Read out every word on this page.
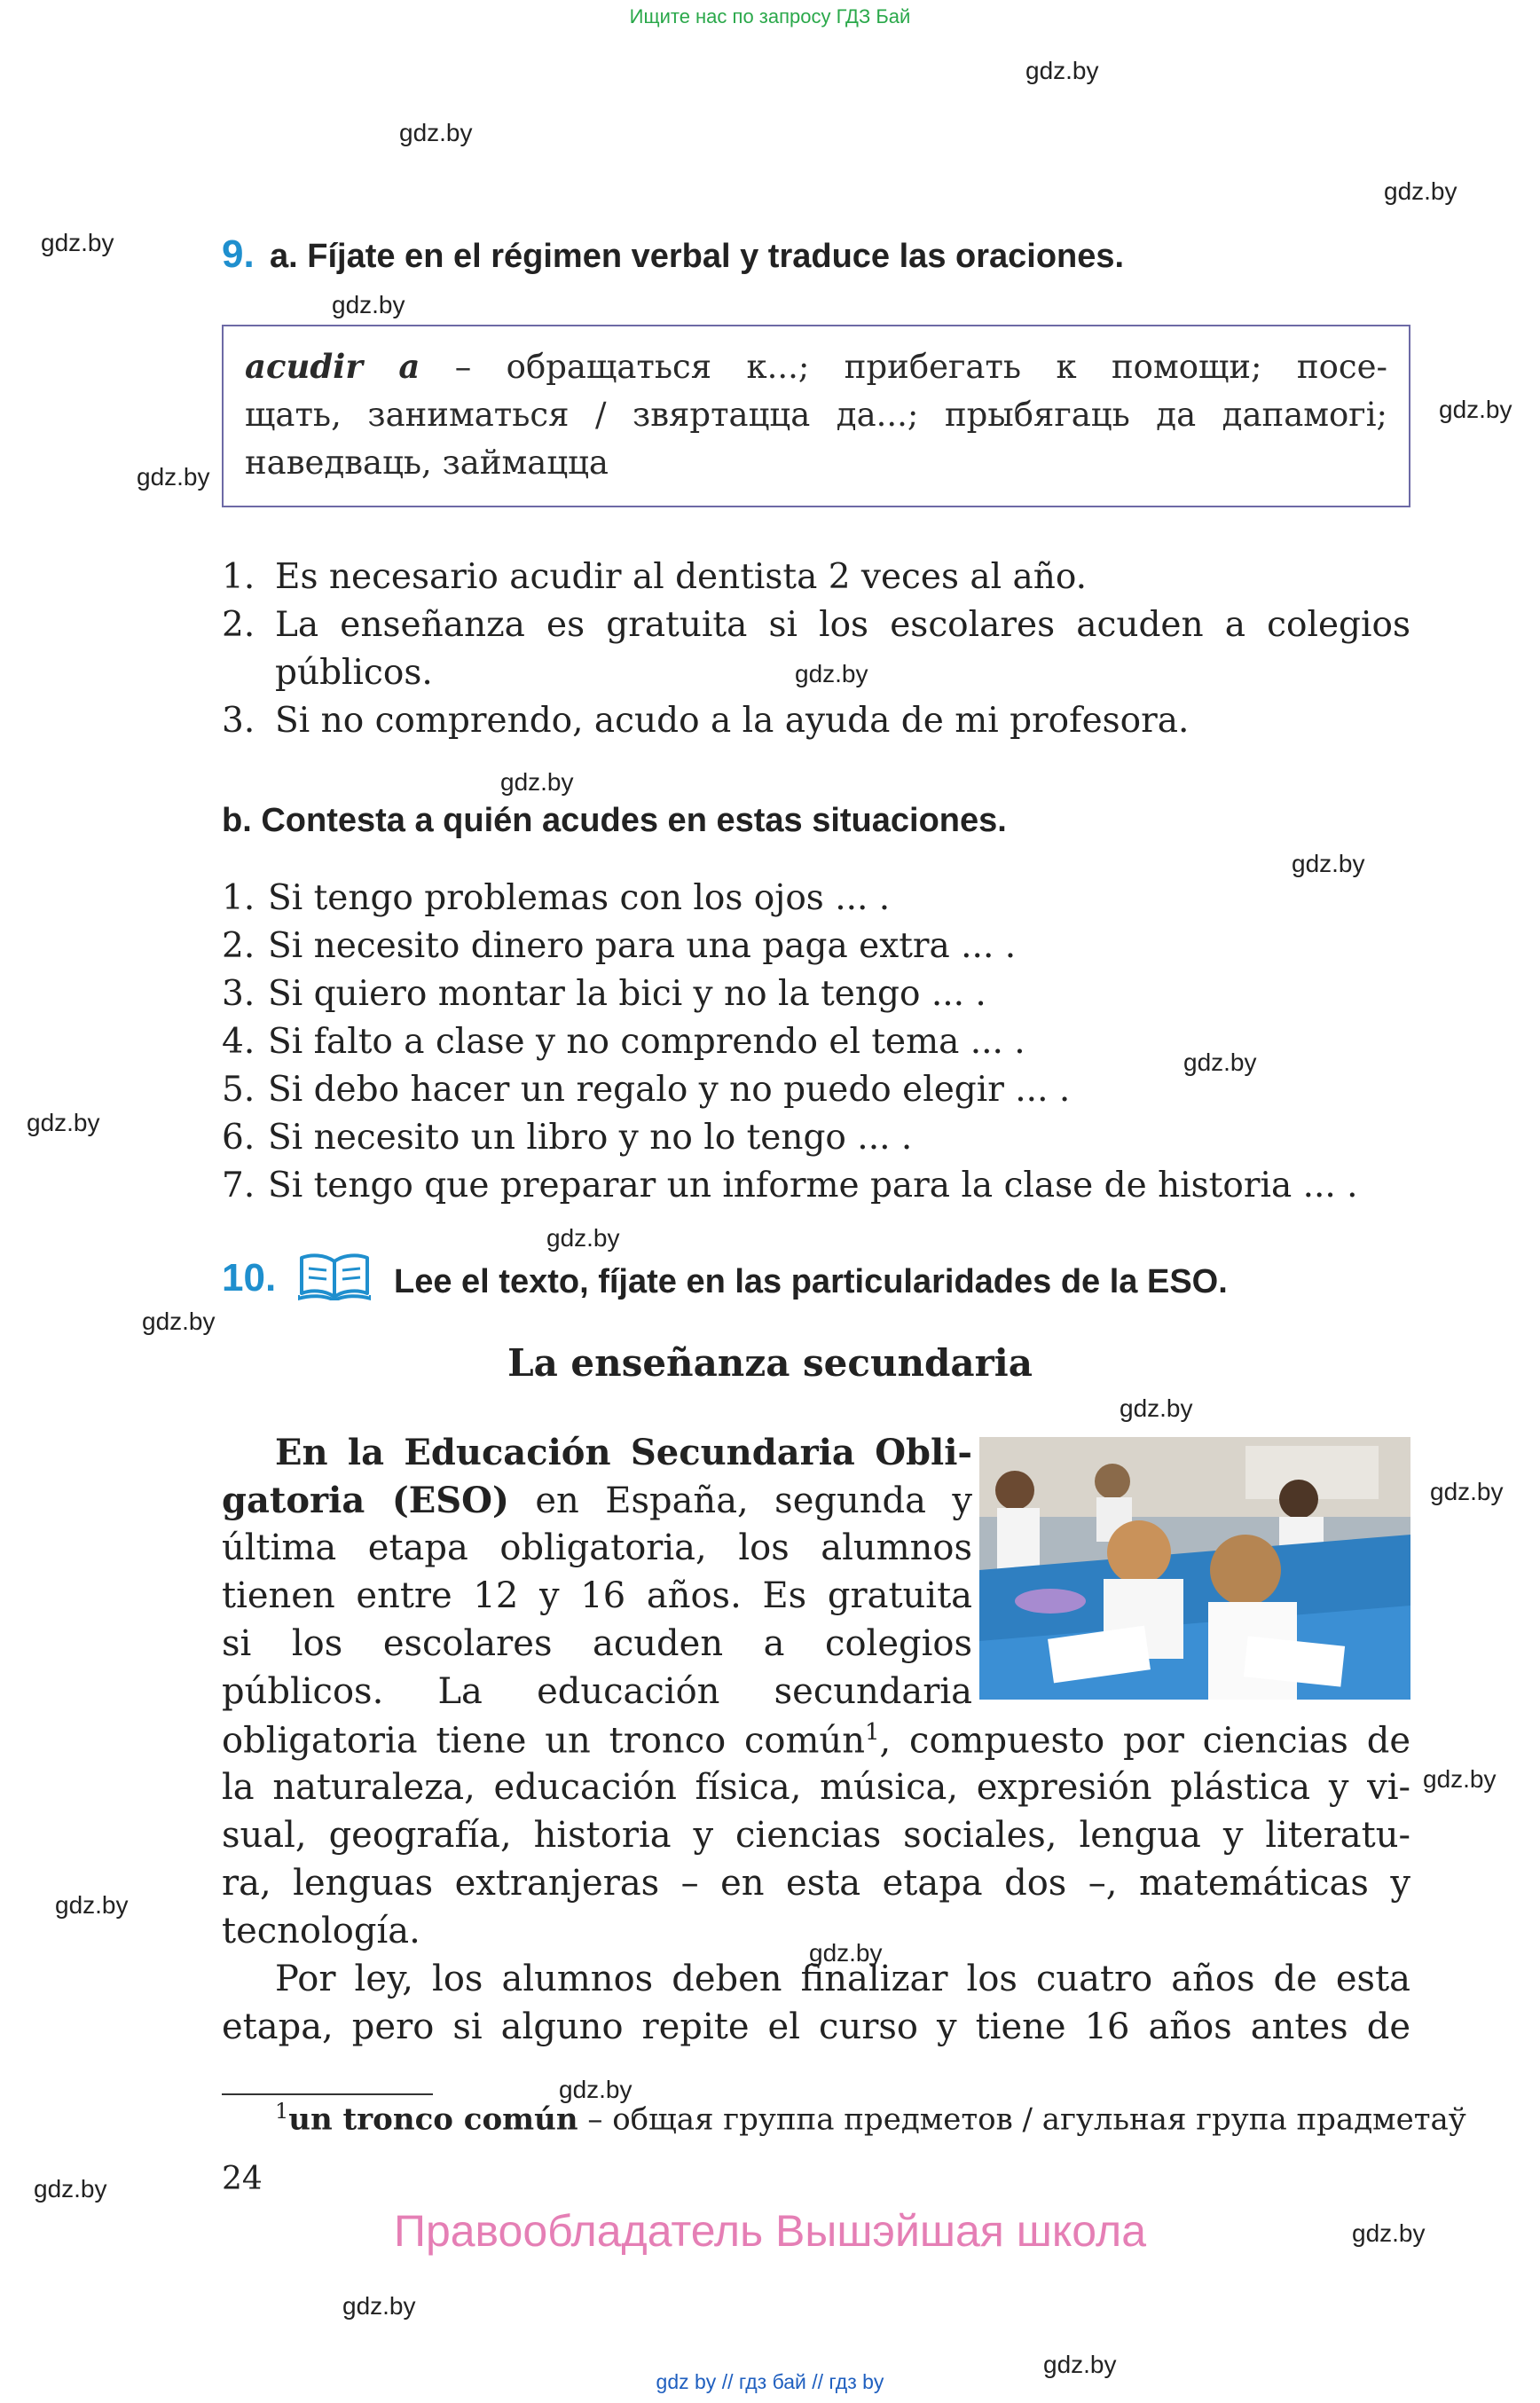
Ищите нас по запросу ГДЗ Бай
gdz.by
gdz.by
gdz.by
gdz.by
gdz.by
gdz.by
gdz.by
gdz.by
gdz.by
gdz.by
gdz.by
gdz.by
gdz.by
gdz.by
gdz.by
gdz.by
gdz.by
gdz.by
gdz.by
gdz.by
gdz.by
gdz.by
gdz.by
gdz.by
9. a. Fíjate en el régimen verbal y traduce las oraciones.
acudir a – обращаться к...; прибегать к помощи; посе-
щать, заниматься / звяртацца да...; прыбягаць да дапамогі;
наведваць, займацца
1. Es necesario acudir al dentista 2 veces al año.
2. La enseñanza es gratuita si los escolares acuden a colegios
públicos.
3. Si no comprendo, acudo a la ayuda de mi profesora.
b. Contesta a quién acudes en estas situaciones.
1. Si tengo problemas con los ojos ... .
2. Si necesito dinero para una paga extra ... .
3. Si quiero montar la bici y no la tengo ... .
4. Si falto a clase y no comprendo el tema ... .
5. Si debo hacer un regalo y no puedo elegir ... .
6. Si necesito un libro y no lo tengo ... .
7. Si tengo que preparar un informe para la clase de historia ... .
10.	Lee el texto, fíjate en las particularidades de la ESO.
La enseñanza secundaria
En la Educación Secundaria Obli-
gatoria (ESO) en España, segunda y
última etapa obligatoria, los alumnos
tienen entre 12 y 16 años. Es gratuita
si los escolares acuden a colegios
públicos. La educación secundaria
obligatoria tiene un tronco común$^1$, compuesto por ciencias de
la naturaleza, educación física, música, expresión plástica y vi-
sual, geografía, historia y ciencias sociales, lengua y literatu-
ra, lenguas extranjeras – en esta etapa dos –, matemáticas y
tecnología.
Por ley, los alumnos deben finalizar los cuatro años de esta
etapa, pero si alguno repite el curso y tiene 16 años antes de
$^1$un tronco común – общая группа предметов / агульная група прадметаў
24
Правообладатель Вышэйшая школа
gdz by // гдз бай // гдз by
